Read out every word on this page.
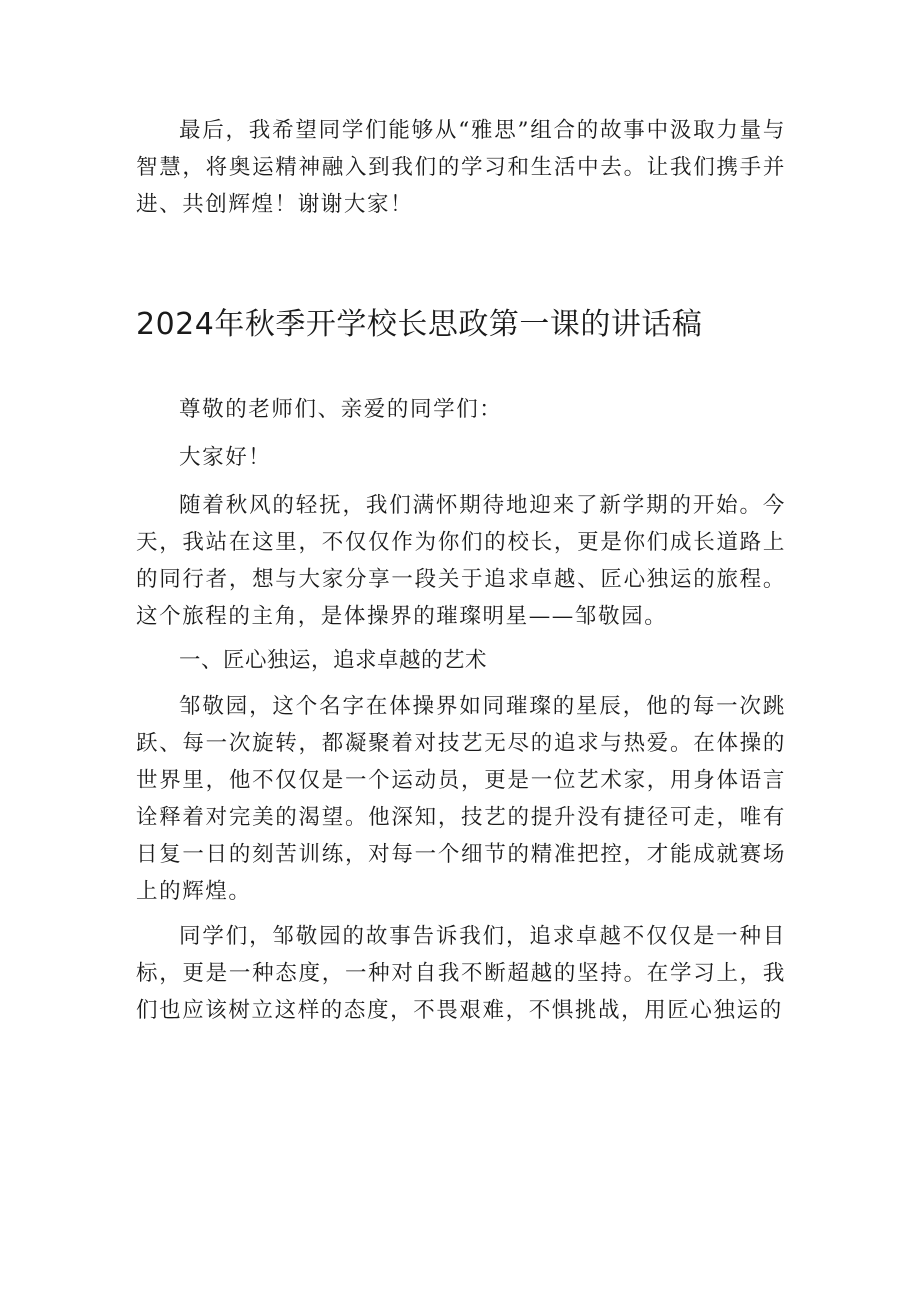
最后，我希望同学们能够从“雅思”组合的故事中汲取力量与智慧，将奥运精神融入到我们的学习和生活中去。让我们携手并进、共创辉煌！谢谢大家！

2024年秋季开学校长思政第一课的讲话稿

尊敬的老师们、亲爱的同学们：

大家好！

随着秋风的轻抚，我们满怀期待地迎来了新学期的开始。今天，我站在这里，不仅仅作为你们的校长，更是你们成长道路上的同行者，想与大家分享一段关于追求卓越、匠心独运的旅程。这个旅程的主角，是体操界的璀璨明星——邹敬园。

一、匠心独运，追求卓越的艺术

邹敬园，这个名字在体操界如同璀璨的星辰，他的每一次跳跃、每一次旋转，都凝聚着对技艺无尽的追求与热爱。在体操的世界里，他不仅仅是一个运动员，更是一位艺术家，用身体语言诠释着对完美的渴望。他深知，技艺的提升没有捷径可走，唯有日复一日的刻苦训练，对每一个细节的精准把控，才能成就赛场上的辉煌。

同学们，邹敬园的故事告诉我们，追求卓越不仅仅是一种目标，更是一种态度，一种对自我不断超越的坚持。在学习上，我们也应该树立这样的态度，不畏艰难，不惧挑战，用匠心独运的
